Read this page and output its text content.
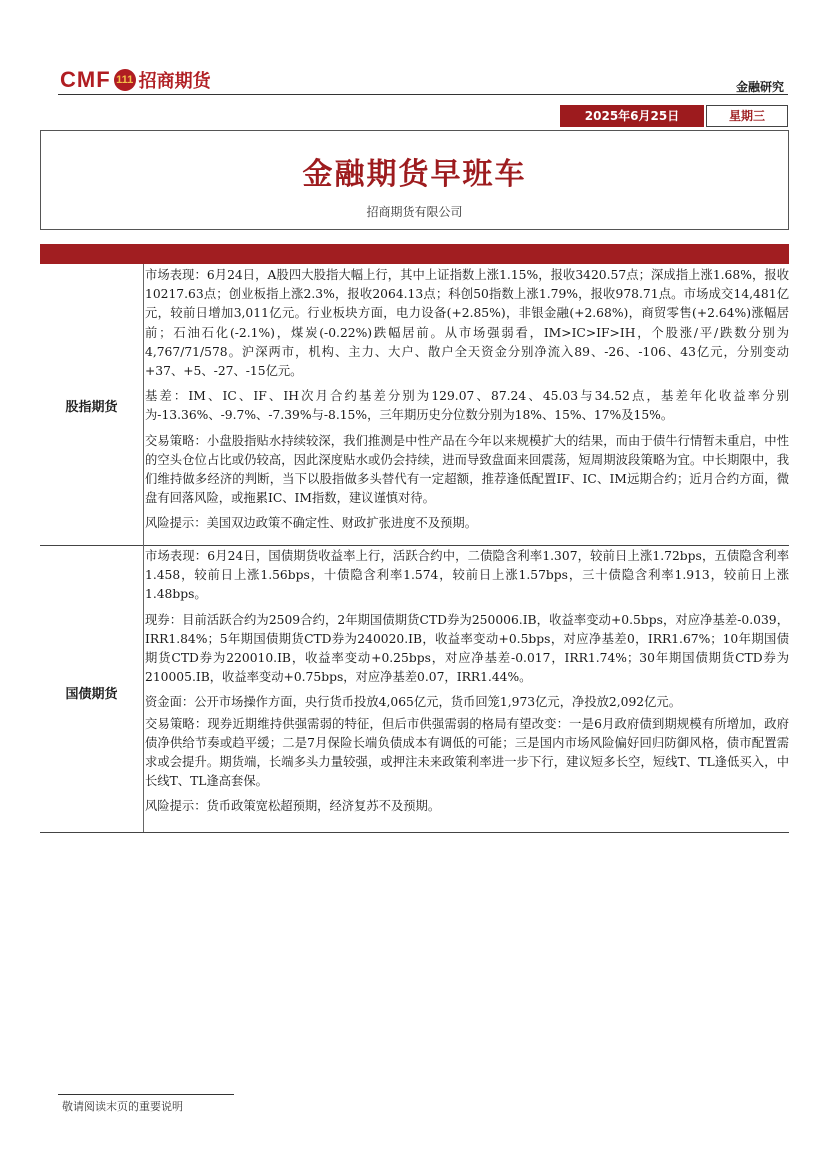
CMF 111 招商期货	金融研究
2025年6月25日	星期三
金融期货早班车
招商期货有限公司
股指期货

市场表现：6月24日，A股四大股指大幅上行，其中上证指数上涨1.15%，报收3420.57点；深成指上涨1.68%，报收10217.63点；创业板指上涨2.3%，报收2064.13点；科创50指数上涨1.79%，报收978.71点。市场成交14,481亿元，较前日增加3,011亿元。行业板块方面，电力设备(+2.85%)，非银金融(+2.68%)，商贸零售(+2.64%)涨幅居前；石油石化(-2.1%)，煤炭(-0.22%)跌幅居前。从市场强弱看，IM>IC>IF>IH，个股涨/平/跌数分别为4,767/71/578。沪深两市，机构、主力、大户、散户全天资金分别净流入89、-26、-106、43亿元，分别变动+37、+5、-27、-15亿元。

基差：IM、IC、IF、IH次月合约基差分别为129.07、87.24、45.03与34.52点，基差年化收益率分别为-13.36%、-9.7%、-7.39%与-8.15%，三年期历史分位数分别为18%、15%、17%及15%。

交易策略：小盘股指贴水持续较深，我们推测是中性产品在今年以来规模扩大的结果，而由于债牛行情暂未重启，中性的空头仓位占比或仍较高，因此深度贴水或仍会持续，进而导致盘面来回震荡，短周期波段策略为宜。中长期限中，我们维持做多经济的判断，当下以股指做多头替代有一定超额，推荐逢低配置IF、IC、IM远期合约；近月合约方面，微盘有回落风险，或拖累IC、IM指数，建议谨慎对待。

风险提示：美国双边政策不确定性、财政扩张进度不及预期。

国债期货

市场表现：6月24日，国债期货收益率上行，活跃合约中，二债隐含利率1.307，较前日上涨1.72bps，五债隐含利率1.458，较前日上涨1.56bps，十债隐含利率1.574，较前日上涨1.57bps，三十债隐含利率1.913，较前日上涨1.48bps。

现券：目前活跃合约为2509合约，2年期国债期货CTD券为250006.IB，收益率变动+0.5bps，对应净基差-0.039，IRR1.84%；5年期国债期货CTD券为240020.IB，收益率变动+0.5bps，对应净基差0，IRR1.67%；10年期国债期货CTD券为220010.IB，收益率变动+0.25bps，对应净基差-0.017，IRR1.74%；30年期国债期货CTD券为210005.IB，收益率变动+0.75bps，对应净基差0.07，IRR1.44%。

资金面：公开市场操作方面，央行货币投放4,065亿元，货币回笼1,973亿元，净投放2,092亿元。

交易策略：现券近期维持供强需弱的特征，但后市供强需弱的格局有望改变：一是6月政府债到期规模有所增加，政府债净供给节奏或趋平缓；二是7月保险长端负债成本有调低的可能；三是国内市场风险偏好回归防御风格，债市配置需求或会提升。期货端，长端多头力量较强，或押注未来政策利率进一步下行，建议短多长空，短线T、TL逢低买入，中长线T、TL逢高套保。

风险提示：货币政策宽松超预期，经济复苏不及预期。

敬请阅读末页的重要说明
